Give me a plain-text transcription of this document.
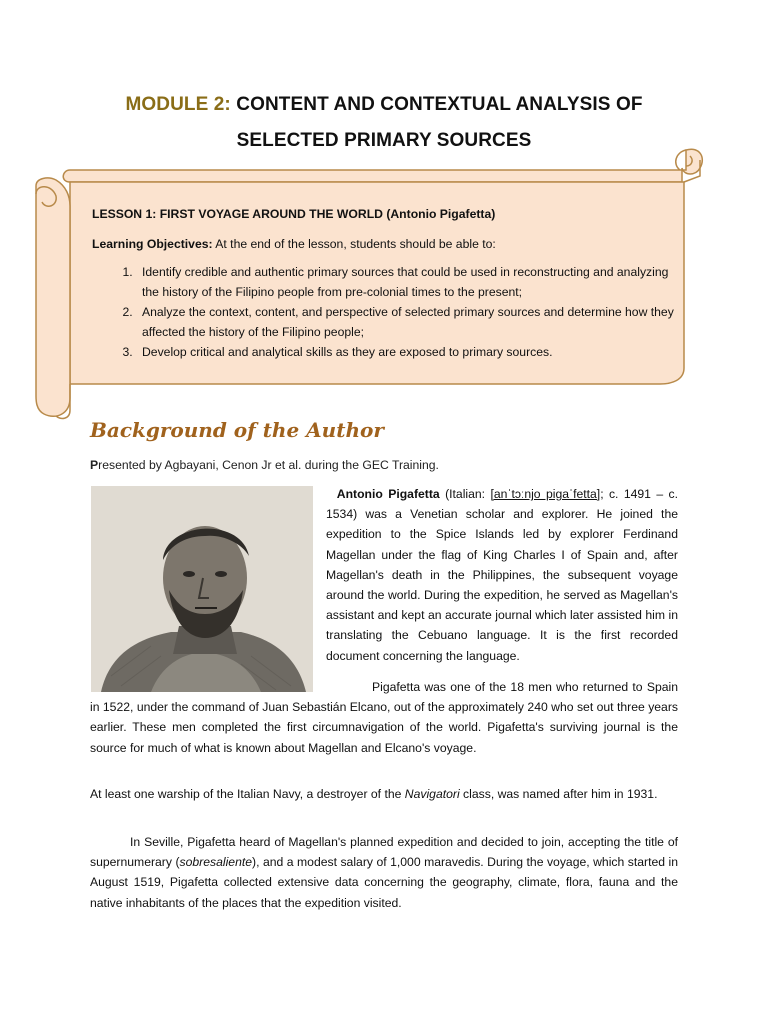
MODULE 2: CONTENT AND CONTEXTUAL ANALYSIS OF
SELECTED PRIMARY SOURCES
LESSON 1: FIRST VOYAGE AROUND THE WORLD (Antonio Pigafetta)
Learning Objectives: At the end of the lesson, students should be able to:
1. Identify credible and authentic primary sources that could be used in reconstructing and analyzing the history of the Filipino people from pre-colonial times to the present;
2. Analyze the context, content, and perspective of selected primary sources and determine how they affected the history of the Filipino people;
3. Develop critical and analytical skills as they are exposed to primary sources.
Background of the Author
Presented by Agbayani, Cenon Jr et al. during the GEC Training.
Antonio Pigafetta (Italian: [anˈtɔːnjo pigaˈfetta]; c. 1491 – c. 1534) was a Venetian scholar and explorer. He joined the expedition to the Spice Islands led by explorer Ferdinand Magellan under the flag of King Charles I of Spain and, after Magellan's death in the Philippines, the subsequent voyage around the world. During the expedition, he served as Magellan's assistant and kept an accurate journal which later assisted him in translating the Cebuano language. It is the first recorded document concerning the language.
Pigafetta was one of the 18 men who returned to Spain in 1522, under the command of Juan Sebastián Elcano, out of the approximately 240 who set out three years earlier. These men completed the first circumnavigation of the world. Pigafetta's surviving journal is the source for much of what is known about Magellan and Elcano's voyage.
At least one warship of the Italian Navy, a destroyer of the Navigatori class, was named after him in 1931.
In Seville, Pigafetta heard of Magellan's planned expedition and decided to join, accepting the title of supernumerary (sobresaliente), and a modest salary of 1,000 maravedis. During the voyage, which started in August 1519, Pigafetta collected extensive data concerning the geography, climate, flora, fauna and the native inhabitants of the places that the expedition visited.
